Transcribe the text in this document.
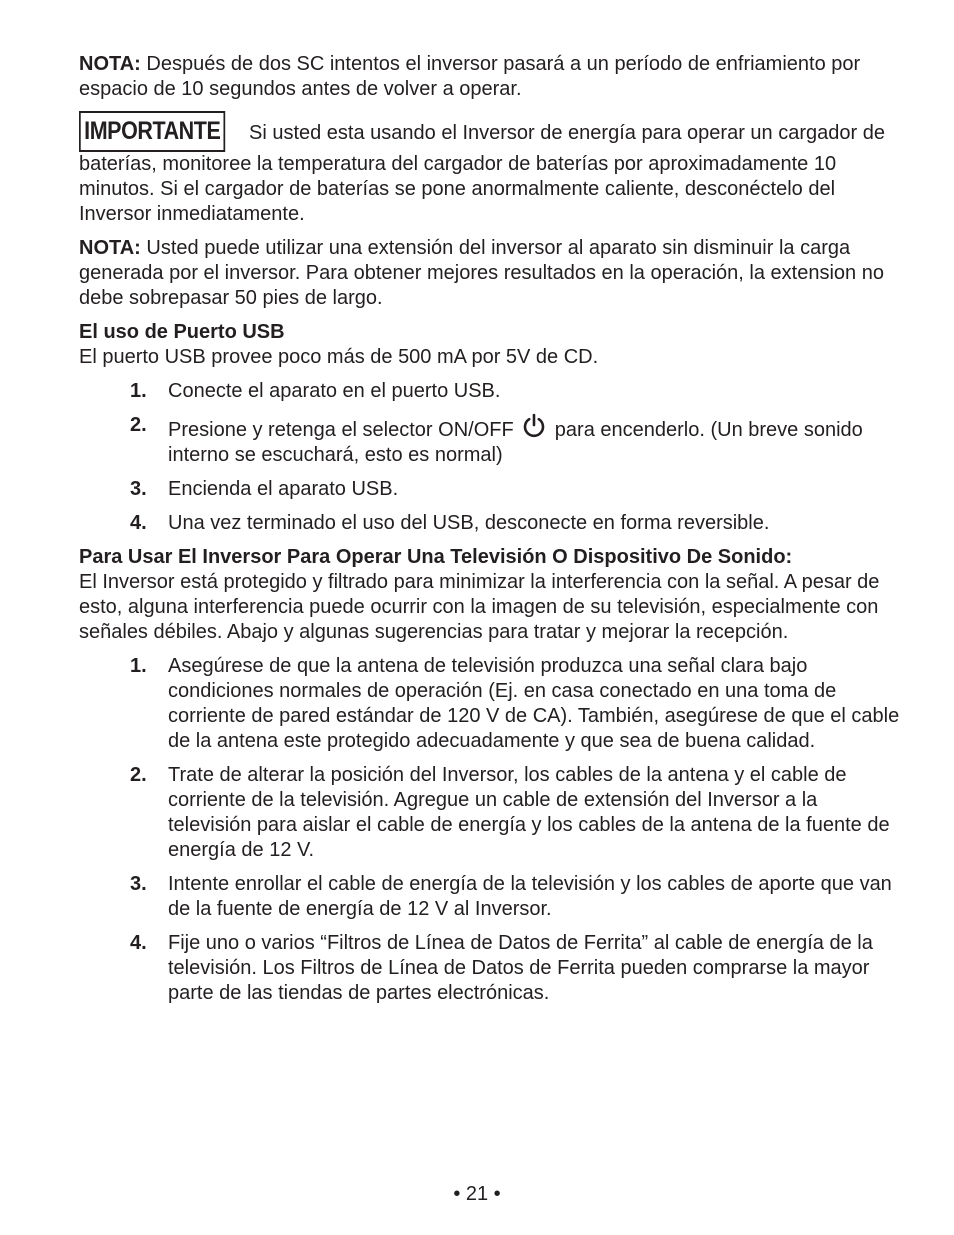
NOTA: Después de dos SC intentos el inversor pasará a un período de enfriamiento por espacio de 10 segundos antes de volver a operar.

IMPORTANTE Si usted esta usando el Inversor de energía para operar un cargador de baterías, monitoree la temperatura del cargador de baterías por aproximadamente 10 minutos. Si el cargador de baterías se pone anormalmente caliente, desconéctelo del Inversor inmediatamente.

NOTA: Usted puede utilizar una extensión del inversor al aparato sin disminuir la carga generada por el inversor. Para obtener mejores resultados en la operación, la extension no debe sobrepasar 50 pies de largo.

El uso de Puerto USB

El puerto USB provee poco más de 500 mA por 5V de CD.

1. Conecte el aparato en el puerto USB.
2. Presione y retenga el selector ON/OFF  para encenderlo. (Un breve sonido interno se escuchará, esto es normal)
3. Encienda el aparato USB.
4. Una vez terminado el uso del USB, desconecte en forma reversible.

Para Usar El Inversor Para Operar Una Televisión O Dispositivo De Sonido:

El Inversor está protegido y filtrado para minimizar la interferencia con la señal. A pesar de esto, alguna interferencia puede ocurrir con la imagen de su televisión, especialmente con señales débiles. Abajo y algunas sugerencias para tratar y mejorar la recepción.

1. Asegúrese de que la antena de televisión produzca una señal clara bajo condiciones normales de operación (Ej. en casa conectado en una toma de corriente de pared estándar de 120 V de CA). También, asegúrese de que el cable de la antena este protegido adecuadamente y que sea de buena calidad.
2. Trate de alterar la posición del Inversor, los cables de la antena y el cable de corriente de la televisión. Agregue un cable de extensión del Inversor a la televisión para aislar el cable de energía y los cables de la antena de la fuente de energía de 12 V.
3. Intente enrollar el cable de energía de la televisión y los cables de aporte que van de la fuente de energía de 12 V al Inversor.
4. Fije uno o varios “Filtros de Línea de Datos de Ferrita” al cable de energía de la televisión. Los Filtros de Línea de Datos de Ferrita pueden comprarse la mayor parte de las tiendas de partes electrónicas.
• 21 •
